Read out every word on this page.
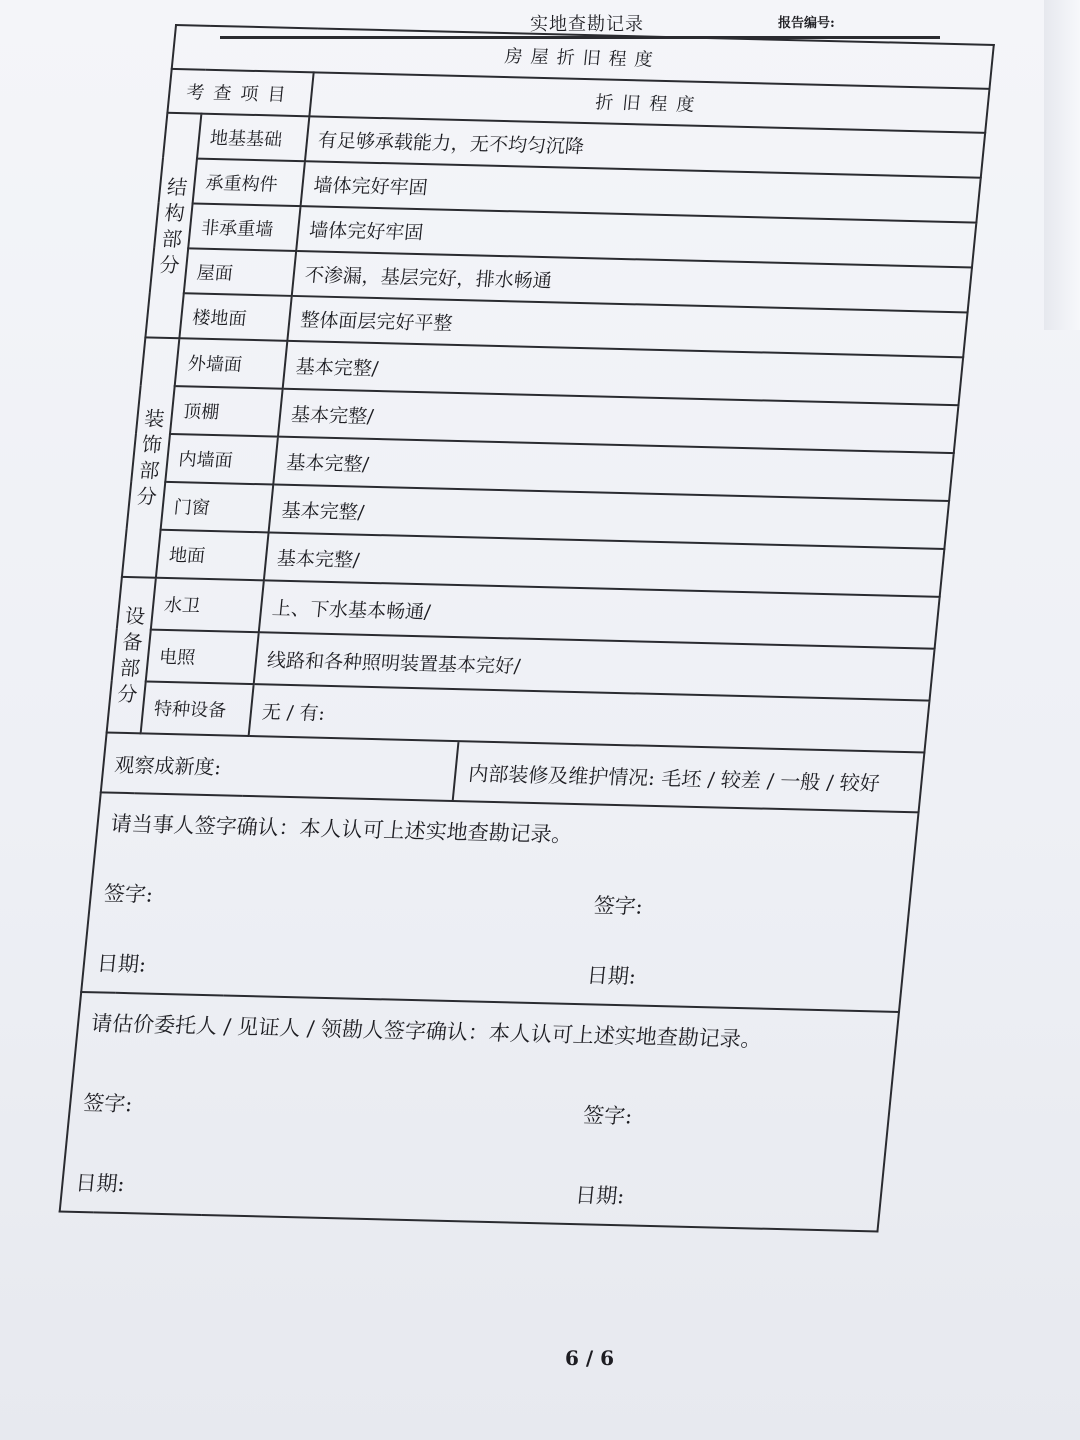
实地查勘记录	报告编号:
房屋折旧程度		
考查项目		折旧程度
结构部分	地基基础	有足够承载能力，无不均匀沉降
	承重构件	墙体完好牢固
	非承重墙	墙体完好牢固
	屋面	不渗漏，基层完好，排水畅通
	楼地面	整体面层完好平整
装饰部分	外墙面	基本完整/
	顶棚	基本完整/
	内墙面	基本完整/
	门窗	基本完整/
	地面	基本完整/
设备部分	水卫	上、下水基本畅通/
	电照	线路和各种照明装置基本完好/
	特种设备	无 / 有:

观察成新度: 内部装修及维护情况: 毛坯 / 较差 / 一般 / 较好		

请当事人签字确认：本人认可上述实地查勘记录。
签字: 签字:
日期: 日期:		

请估价委托人 / 见证人 / 领勘人签字确认：本人认可上述实地查勘记录。
签字: 签字:
日期: 日期:		
6 / 6
